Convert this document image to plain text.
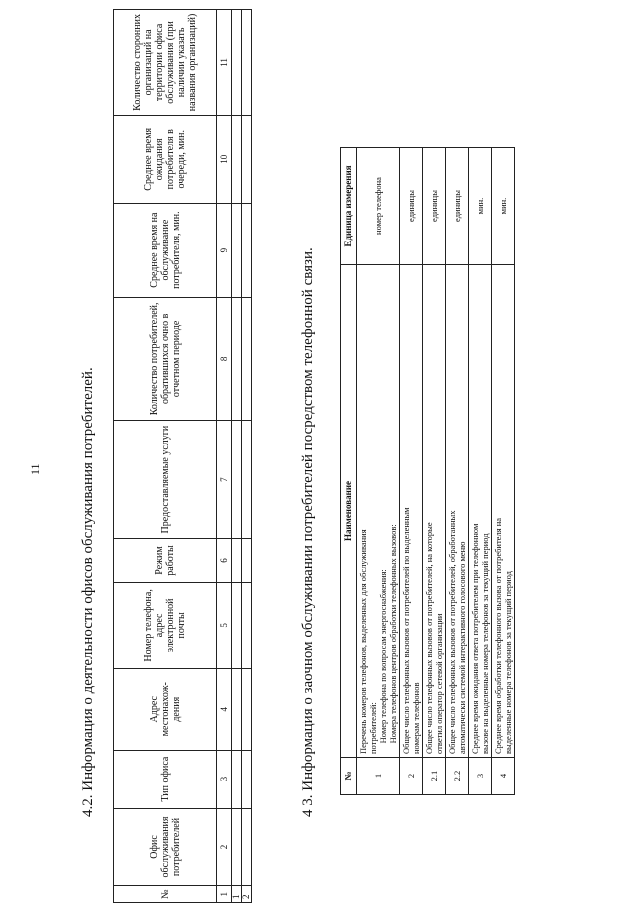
11	4.2. Информация о деятельности офисов обслуживания потребителей.
№	Офис обслуживания потребителей	Тип офиса	Адрес местонахож-дения	Номер телефона, адрес электронной почты	Режим работы	Предоставляемые услуги	Количество потребителей, обратившихся очно в отчетном периоде	Среднее время на обслуживание потребителя, мин.	Среднее время ожидания потребителя в очереди, мин.	Количество сторонних организаций на территории офиса обслуживания (при наличии указать названия организаций)
1	2	3	4	5	6	7	8	9	10	11
1										
2										
4 3. Информация о заочном обслуживании потребителей посредством телефонной связи.	№	Наименование	Единица измерения
1	Перечень номеров телефонов, выделенных для обслуживания потребителей: Номер телефона по вопросам энергоснабжения: Номера телефонов центров обработки телефонных вызовов:	номер телефона
2	Общее число телефонных вызовов от потребителей по выделенным номерам телефонов	единицы
2.1	Общее число телефонных вызовов от потребителей, на которые ответил оператор сетевой организации	единицы
2.2	Общее число телефонных вызовов от потребителей, обработанных автоматически системой интерактивного голосового меню	единицы
3	Среднее время ожидания ответа потребителем при телефонном вызове на выделенные номера телефонов за текущий период	мин.
4	Среднее время обработки телефонного вызова от потребителя на выделенные номера телефонов за текущий период	мин.
